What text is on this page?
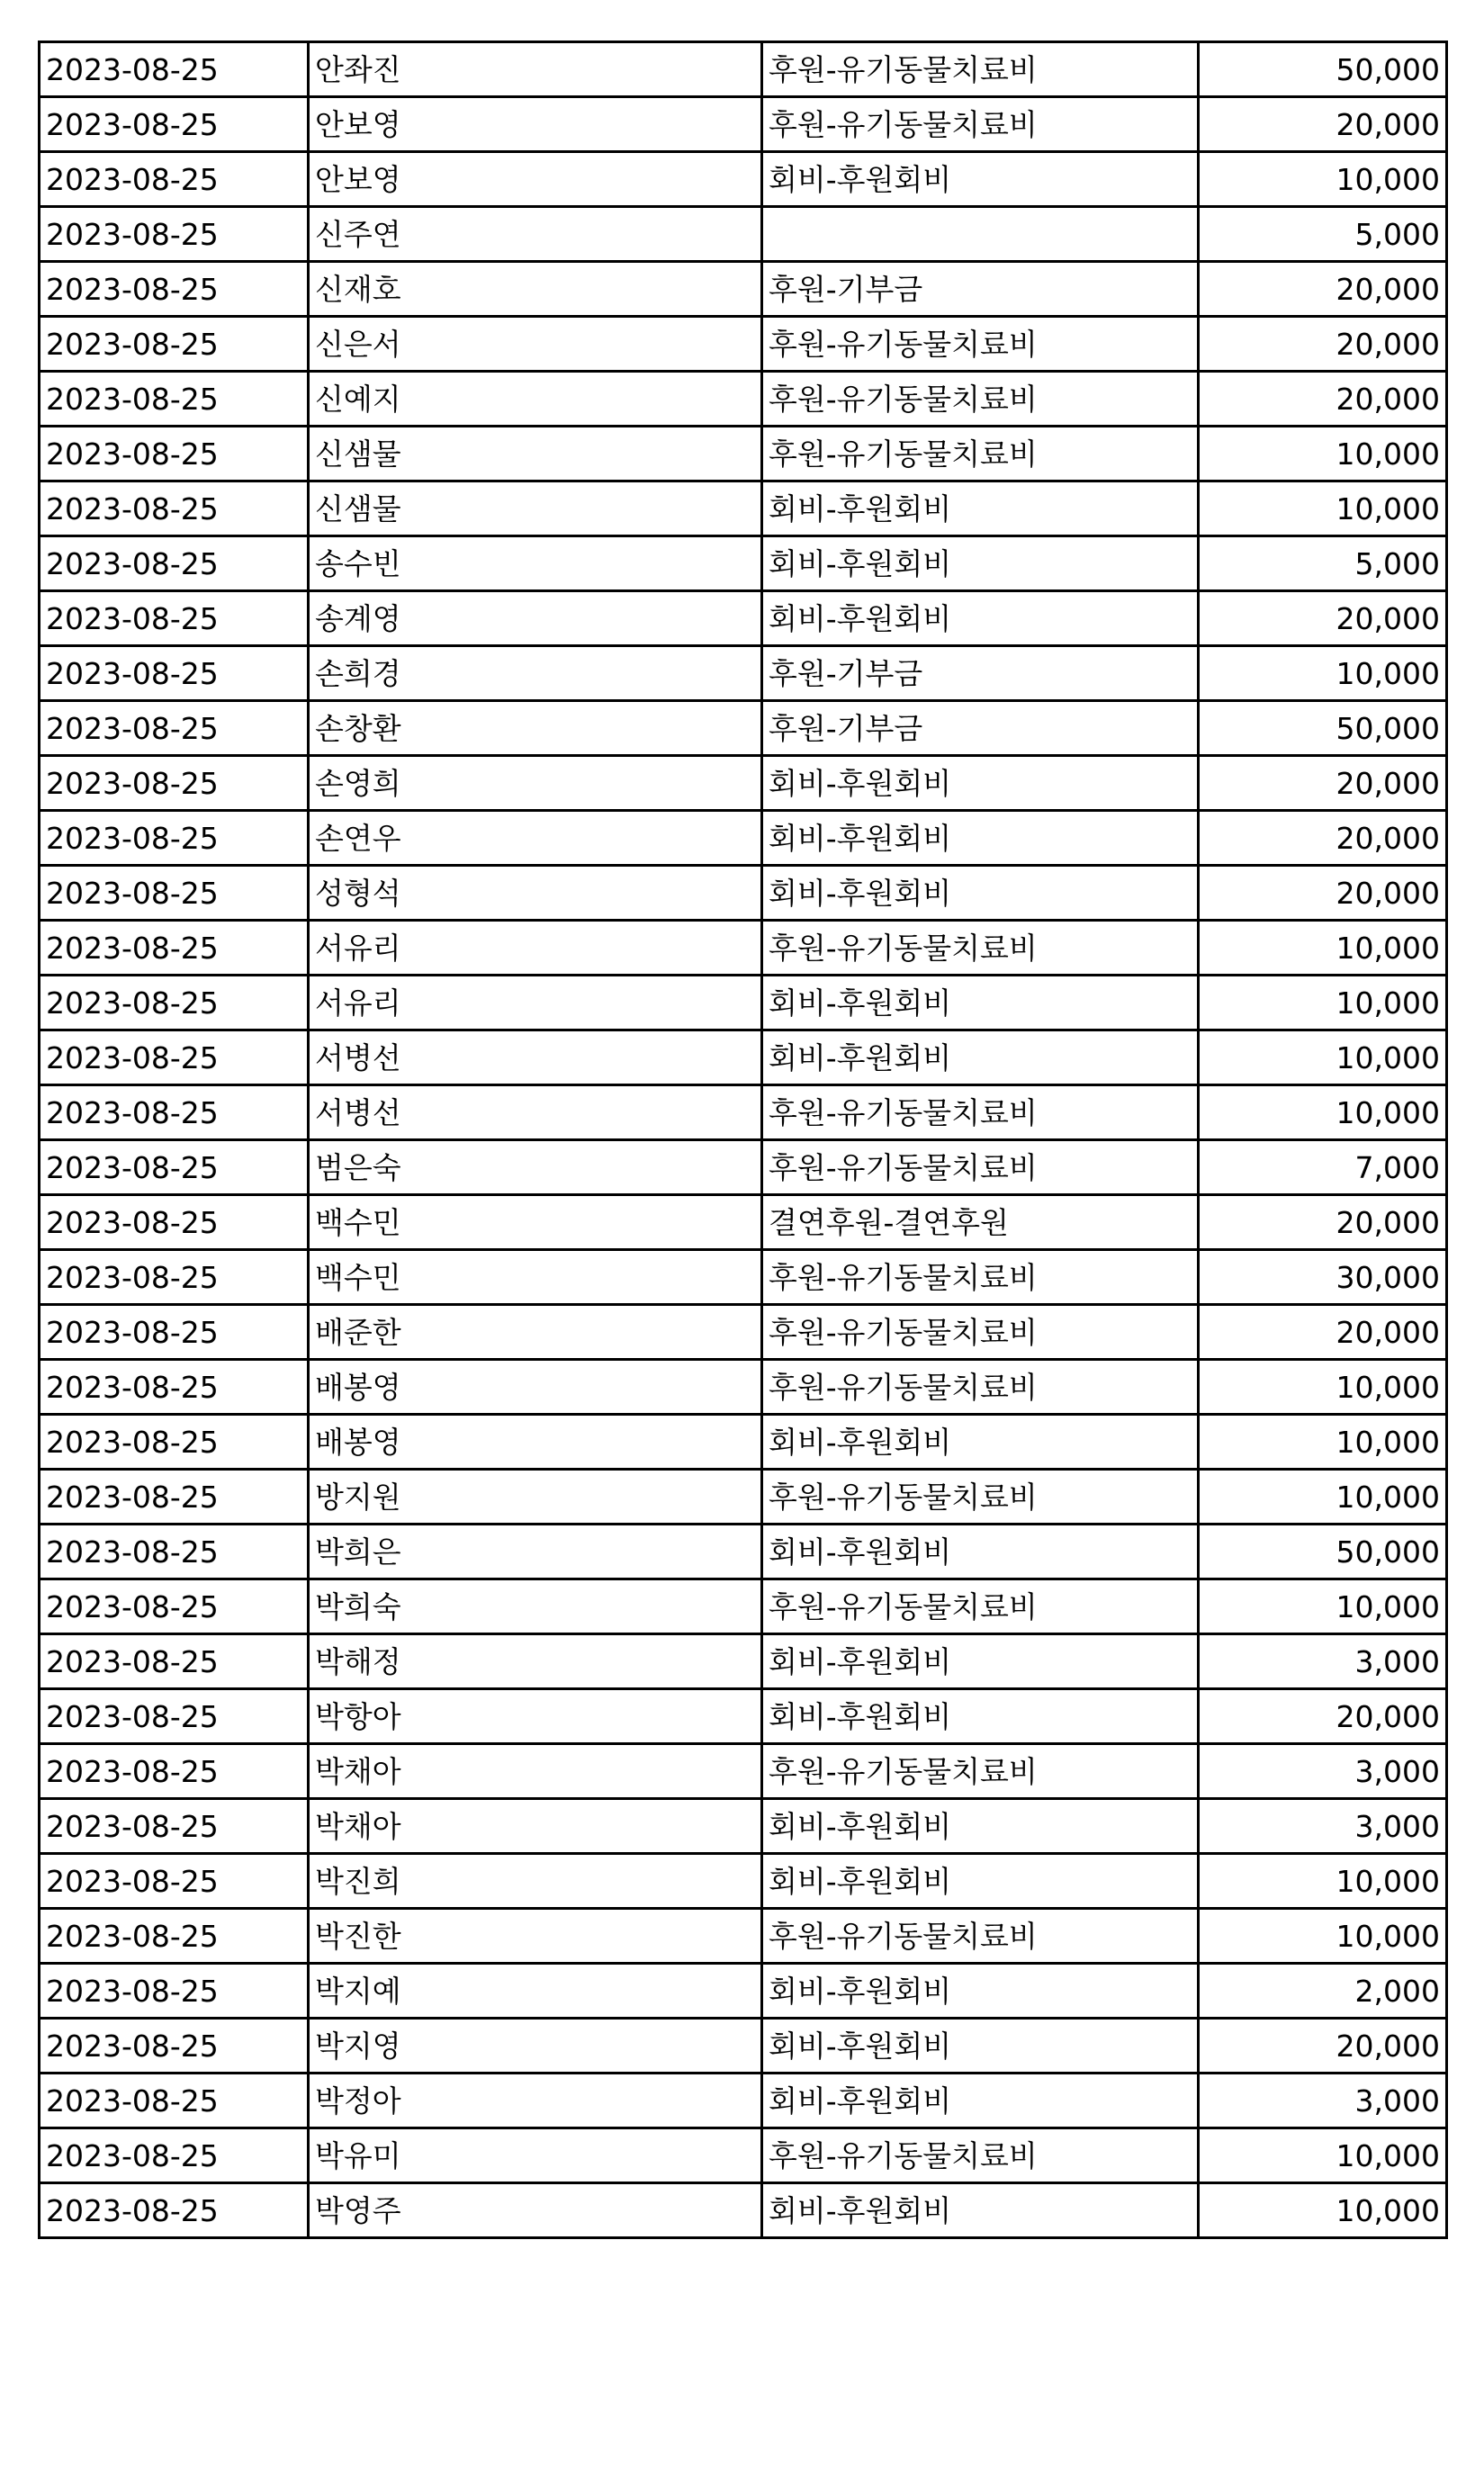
2023-08-25	안좌진	후원-유기동물치료비	50,000
2023-08-25	안보영	후원-유기동물치료비	20,000
2023-08-25	안보영	회비-후원회비	10,000
2023-08-25	신주연		5,000
2023-08-25	신재호	후원-기부금	20,000
2023-08-25	신은서	후원-유기동물치료비	20,000
2023-08-25	신예지	후원-유기동물치료비	20,000
2023-08-25	신샘물	후원-유기동물치료비	10,000
2023-08-25	신샘물	회비-후원회비	10,000
2023-08-25	송수빈	회비-후원회비	5,000
2023-08-25	송계영	회비-후원회비	20,000
2023-08-25	손희경	후원-기부금	10,000
2023-08-25	손창환	후원-기부금	50,000
2023-08-25	손영희	회비-후원회비	20,000
2023-08-25	손연우	회비-후원회비	20,000
2023-08-25	성형석	회비-후원회비	20,000
2023-08-25	서유리	후원-유기동물치료비	10,000
2023-08-25	서유리	회비-후원회비	10,000
2023-08-25	서병선	회비-후원회비	10,000
2023-08-25	서병선	후원-유기동물치료비	10,000
2023-08-25	범은숙	후원-유기동물치료비	7,000
2023-08-25	백수민	결연후원-결연후원	20,000
2023-08-25	백수민	후원-유기동물치료비	30,000
2023-08-25	배준한	후원-유기동물치료비	20,000
2023-08-25	배봉영	후원-유기동물치료비	10,000
2023-08-25	배봉영	회비-후원회비	10,000
2023-08-25	방지원	후원-유기동물치료비	10,000
2023-08-25	박희은	회비-후원회비	50,000
2023-08-25	박희숙	후원-유기동물치료비	10,000
2023-08-25	박해정	회비-후원회비	3,000
2023-08-25	박항아	회비-후원회비	20,000
2023-08-25	박채아	후원-유기동물치료비	3,000
2023-08-25	박채아	회비-후원회비	3,000
2023-08-25	박진희	회비-후원회비	10,000
2023-08-25	박진한	후원-유기동물치료비	10,000
2023-08-25	박지예	회비-후원회비	2,000
2023-08-25	박지영	회비-후원회비	20,000
2023-08-25	박정아	회비-후원회비	3,000
2023-08-25	박유미	후원-유기동물치료비	10,000
2023-08-25	박영주	회비-후원회비	10,000
